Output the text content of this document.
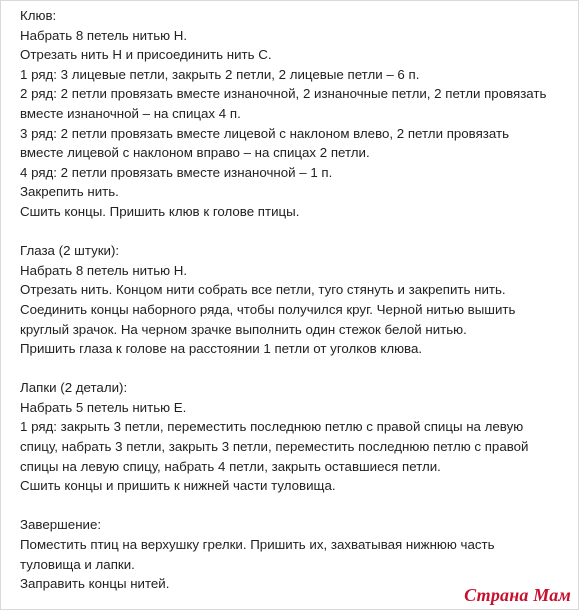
Клюв:
Набрать 8 петель нитью Н.
Отрезать нить Н и присоединить нить С.
1 ряд: 3 лицевые петли, закрыть 2 петли, 2 лицевые петли – 6 п.
2 ряд: 2 петли провязать вместе изнаночной, 2 изнаночные петли, 2 петли провязать
вместе изнаночной – на спицах 4 п.
3 ряд: 2 петли провязать вместе лицевой с наклоном влево, 2 петли провязать
вместе лицевой с наклоном вправо – на спицах 2 петли.
4 ряд: 2 петли провязать вместе изнаночной – 1 п.
Закрепить нить.
Сшить концы. Пришить клюв к голове птицы.
Глаза (2 штуки):
Набрать 8 петель нитью Н.
Отрезать нить. Концом нити собрать все петли, туго стянуть и закрепить нить.
Соединить концы наборного ряда, чтобы получился круг. Черной нитью вышить
круглый зрачок. На черном зрачке выполнить один стежок белой нитью.
Пришить глаза к голове на расстоянии 1 петли от уголков клюва.
Лапки (2 детали):
Набрать 5 петель нитью Е.
1 ряд: закрыть 3 петли, переместить последнюю петлю с правой спицы на левую
спицу, набрать 3 петли, закрыть 3 петли, переместить последнюю петлю с правой
спицы на левую спицу, набрать 4 петли, закрыть оставшиеся петли.
Сшить концы и пришить к нижней части туловища.
Завершение:
Поместить птиц на верхушку грелки. Пришить их, захватывая нижнюю часть
туловища и лапки.
Заправить концы нитей.
Страна Мам
